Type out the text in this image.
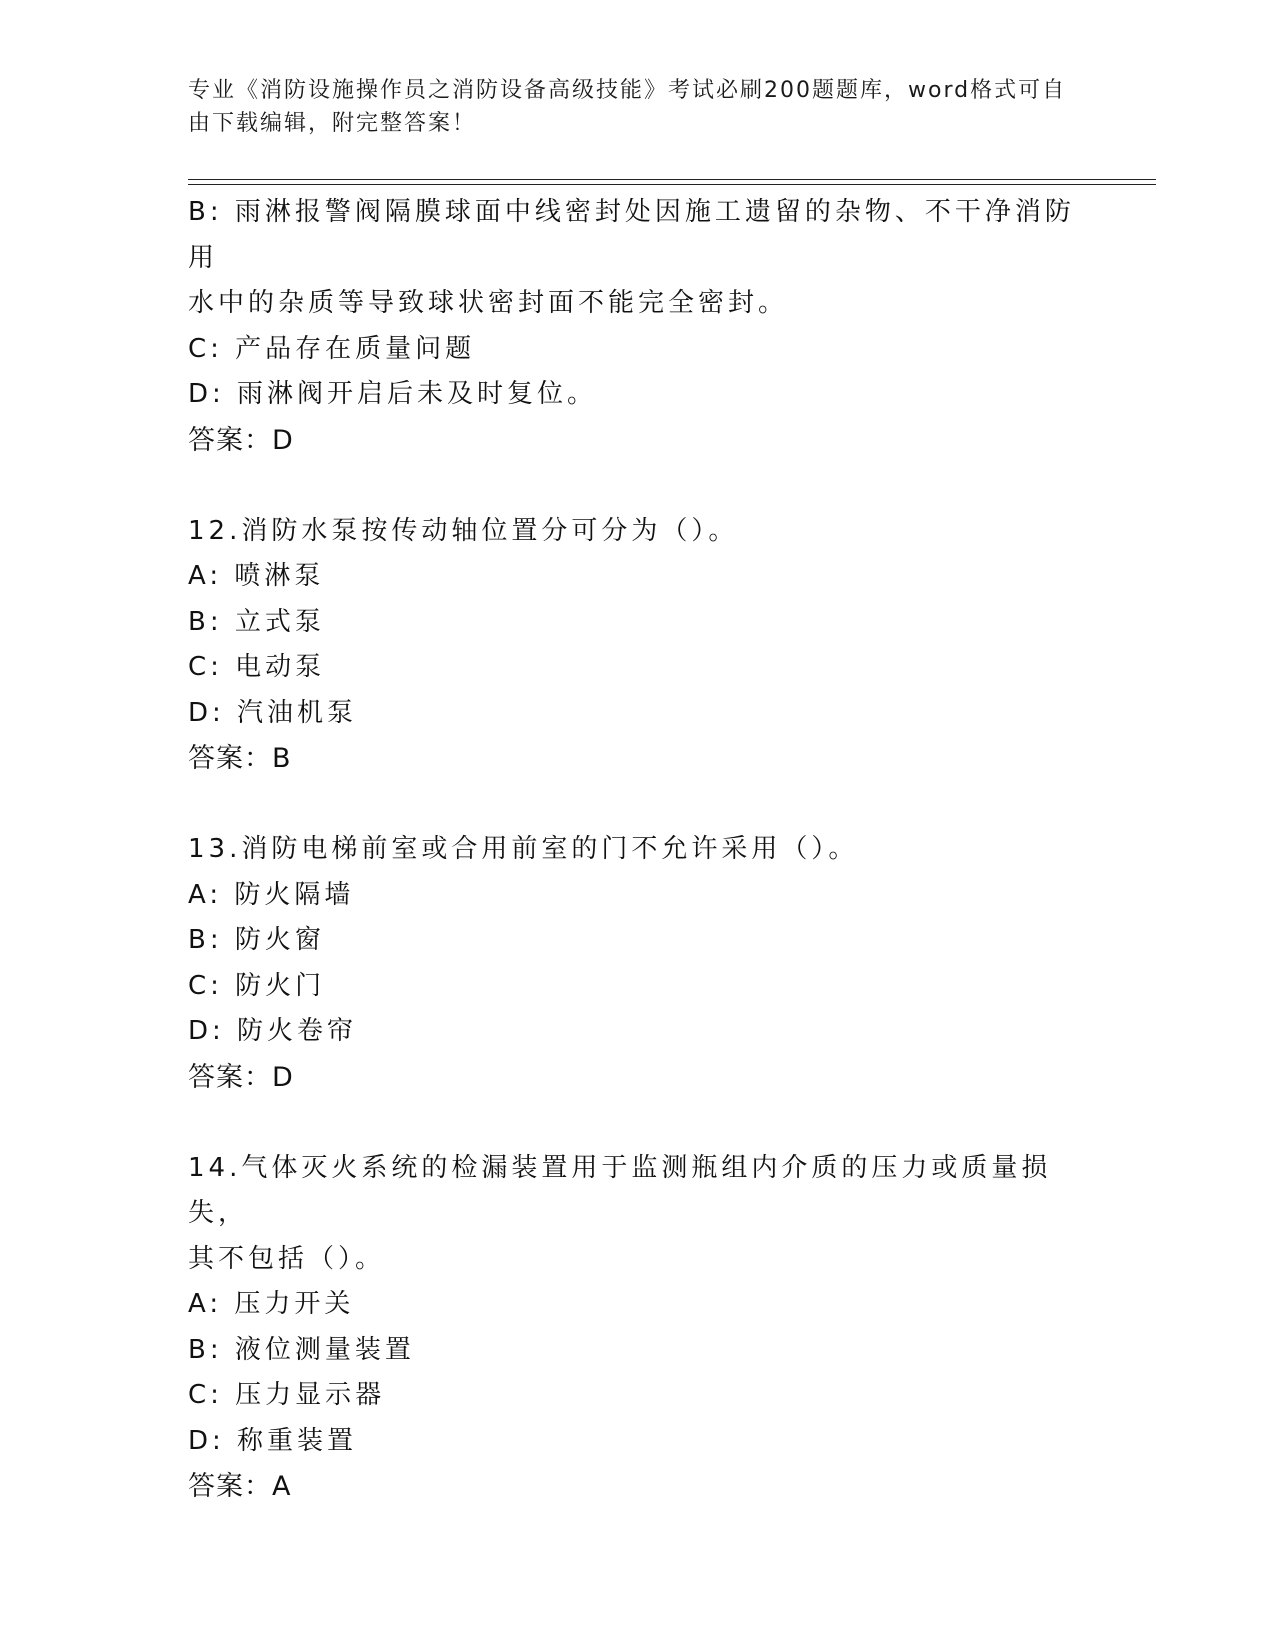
专业《消防设施操作员之消防设备高级技能》考试必刷200题题库，word格式可自由下载编辑，附完整答案！
B: 雨淋报警阀隔膜球面中线密封处因施工遗留的杂物、不干净消防用
水中的杂质等导致球状密封面不能完全密封。
C: 产品存在质量问题
D: 雨淋阀开启后未及时复位。
答案：D
12.消防水泵按传动轴位置分可分为（）。
A: 喷淋泵
B: 立式泵
C: 电动泵
D: 汽油机泵
答案：B
13.消防电梯前室或合用前室的门不允许采用（）。
A: 防火隔墙
B: 防火窗
C: 防火门
D: 防火卷帘
答案：D
14.气体灭火系统的检漏装置用于监测瓶组内介质的压力或质量损失，
其不包括（）。
A: 压力开关
B: 液位测量装置
C: 压力显示器
D: 称重装置
答案：A
